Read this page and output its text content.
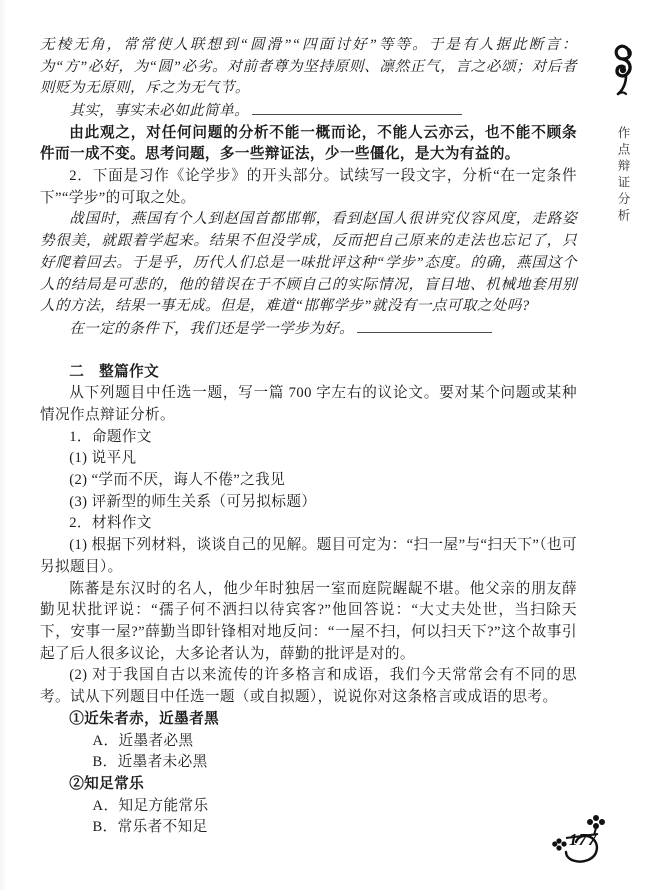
无棱无角，常常使人联想到“圆滑”“四面讨好”等等。于是有人据此断言：为“方”必好，为“圆”必劣。对前者尊为坚持原则、凛然正气，言之必颂；对后者则贬为无原则，斥之为无气节。
其实，事实未必如此简单。
由此观之，对任何问题的分析不能一概而论，不能人云亦云，也不能不顾条件而一成不变。思考问题，多一些辩证法，少一些僵化，是大为有益的。
2．下面是习作《论学步》的开头部分。试续写一段文字，分析“在一定条件下”“学步”的可取之处。
战国时，燕国有个人到赵国首都邯郸，看到赵国人很讲究仪容风度，走路姿势很美，就跟着学起来。结果不但没学成，反而把自己原来的走法也忘记了，只好爬着回去。于是乎，历代人们总是一味批评这种“学步”态度。的确，燕国这个人的结局是可悲的，他的错误在于不顾自己的实际情况，盲目地、机械地套用别人的方法，结果一事无成。但是，难道“邯郸学步”就没有一点可取之处吗?
在一定的条件下，我们还是学一学步为好。
二　整篇作文
从下列题目中任选一题，写一篇 700 字左右的议论文。要对某个问题或某种情况作点辩证分析。
1．命题作文
(1) 说平凡
(2) “学而不厌，诲人不倦”之我见
(3) 评新型的师生关系（可另拟标题）
2．材料作文
(1) 根据下列材料，谈谈自己的见解。题目可定为：“扫一屋”与“扫天下”（也可另拟题目）。
陈蕃是东汉时的名人，他少年时独居一室而庭院龌龊不堪。他父亲的朋友薛勤见状批评说：“孺子何不洒扫以待宾客?”他回答说：“大丈夫处世，当扫除天下，安事一屋?”薛勤当即针锋相对地反问：“一屋不扫，何以扫天下?”这个故事引起了后人很多议论，大多论者认为，薛勤的批评是对的。
(2) 对于我国自古以来流传的许多格言和成语，我们今天常常会有不同的思考。试从下列题目中任选一题（或自拟题），说说你对这条格言或成语的思考。
①近朱者赤，近墨者黑
A．近墨者必黑
B．近墨者未必黑
②知足常乐
A．知足方能常乐
B．常乐者不知足
作点辩证分析
177
